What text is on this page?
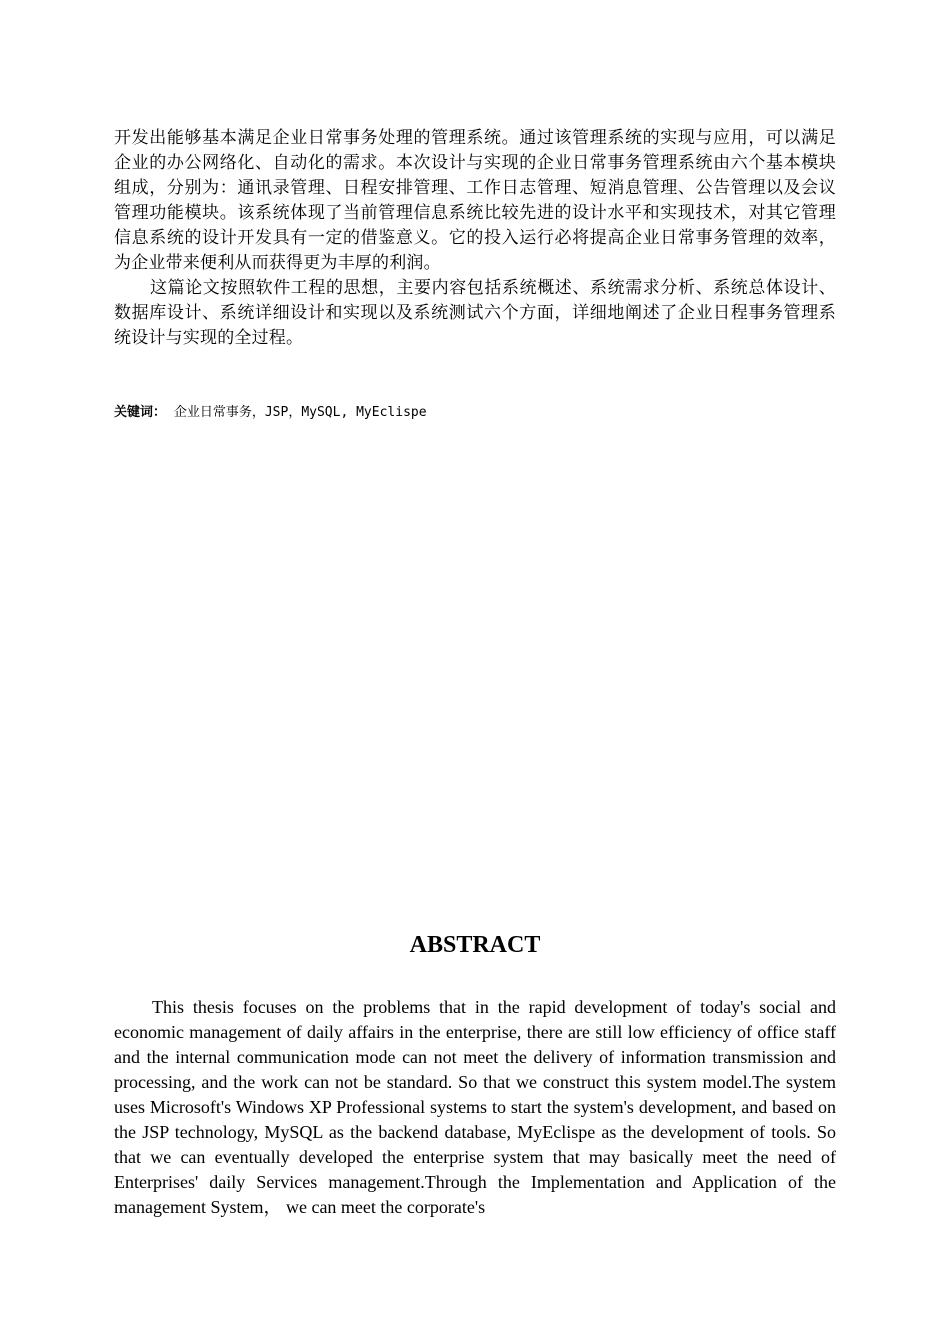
开发出能够基本满足企业日常事务处理的管理系统。通过该管理系统的实现与应用，可以满足企业的办公网络化、自动化的需求。本次设计与实现的企业日常事务管理系统由六个基本模块组成，分别为：通讯录管理、日程安排管理、工作日志管理、短消息管理、公告管理以及会议管理功能模块。该系统体现了当前管理信息系统比较先进的设计水平和实现技术，对其它管理信息系统的设计开发具有一定的借鉴意义。它的投入运行必将提高企业日常事务管理的效率，为企业带来便利从而获得更为丰厚的利润。

这篇论文按照软件工程的思想，主要内容包括系统概述、系统需求分析、系统总体设计、数据库设计、系统详细设计和实现以及系统测试六个方面，详细地阐述了企业日程事务管理系统设计与实现的全过程。

关键词： 企业日常事务，JSP，MySQL, MyEclispe
ABSTRACT

This thesis focuses on the problems that in the rapid development of today's social and economic management of daily affairs in the enterprise, there are still low efficiency of office staff and the internal communication mode can not meet the delivery of information transmission and processing, and the work can not be standard. So that we construct this system model.The system uses Microsoft's Windows XP Professional systems to start the system's development, and based on the JSP technology, MySQL as the backend database, MyEclispe as the development of tools. So that we can eventually developed the enterprise system that may basically meet the need of Enterprises' daily Services management.Through the Implementation and Application of the management System， we can meet the corporate's
